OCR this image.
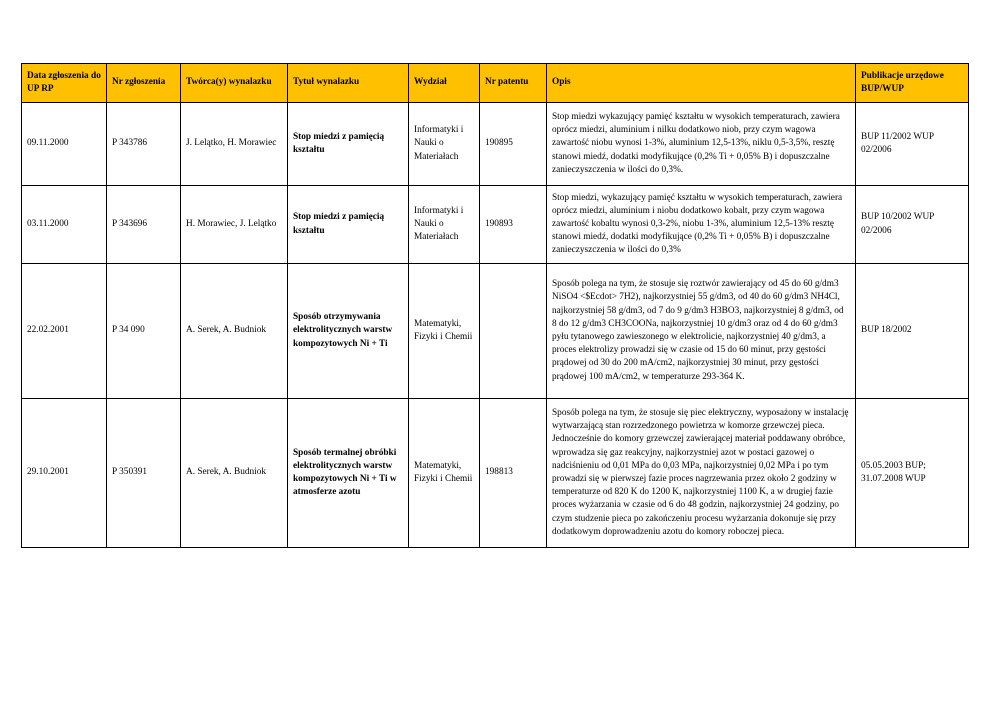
Data zgłoszenia do UP RP	Nr zgłoszenia	Twórca(y) wynalazku	Tytuł wynalazku	Wydział	Nr patentu	Opis	Publikacje urzędowe BUP/WUP
09.11.2000	P 343786	J. Lelątko, H. Morawiec	Stop miedzi z pamięcią kształtu	Informatyki i Nauki o Materiałach	190895	Stop miedzi wykazujący pamięć kształtu w wysokich temperaturach, zawiera oprócz miedzi, aluminium i nilku dodatkowo niob, przy czym wagowa zawartość niobu wynosi 1-3%, aluminium 12,5-13%, niklu 0,5-3,5%, resztę stanowi miedź, dodatki modyfikujące (0,2% Ti + 0,05% B) i dopuszczalne zanieczyszczenia w ilości do 0,3%.	BUP 11/2002 WUP 02/2006
03.11.2000	P 343696	H. Morawiec, J. Lelątko	Stop miedzi z pamięcią kształtu	Informatyki i Nauki o Materiałach	190893	Stop miedzi, wykazujący pamięć kształtu w wysokich temperaturach, zawiera oprócz miedzi, aluminium i niobu dodatkowo kobalt, przy czym wagowa zawartość kobaltu wynosi 0,3-2%, niobu 1-3%, aluminium 12,5-13% resztę stanowi miedź, dodatki modyfikujące (0,2% Ti + 0,05% B) i dopuszczalne zanieczyszczenia w ilości do 0,3%	BUP 10/2002 WUP 02/2006
22.02.2001	P 34 090	A. Serek, A. Budniok	Sposób otrzymywania elektrolitycznych warstw kompozytowych Ni + Ti	Matematyki, Fizyki i Chemii		Sposób polega na tym, że stosuje się roztwór zawierający od 45 do 60 g/dm3 NiSO4 <$Ecdot> 7H2), najkorzystniej 55 g/dm3, od 40 do 60 g/dm3 NH4Cl, najkorzystniej 58 g/dm3, od 7 do 9 g/dm3 H3BO3, najkorzystniej 8 g/dm3, od 8 do 12 g/dm3 CH3COONa, najkorzystniej 10 g/dm3 oraz od 4 do 60 g/dm3 pyłu tytanowego zawieszonego w elektrolicie, najkorzystniej 40 g/dm3, a proces elektrolizy prowadzi się w czasie od 15 do 60 minut, przy gęstości prądowej od 30 do 200 mA/cm2, najkorzystniej 30 minut, przy gęstości prądowej 100 mA/cm2, w temperaturze 293-364 K.	BUP 18/2002
29.10.2001	P 350391	A. Serek, A. Budniok	Sposób termalnej obróbki elektrolitycznych warstw kompozytowych Ni + Ti w atmosferze azotu	Matematyki, Fizyki i Chemii	198813	Sposób polega na tym, że stosuje się piec elektryczny, wyposażony w instalację wytwarzającą stan rozrzedzonego powietrza w komorze grzewczej pieca. Jednocześnie do komory grzewczej zawierającej materiał poddawany obróbce, wprowadza się gaz reakcyjny, najkorzystniej azot w postaci gazowej o nadciśnieniu od 0,01 MPa do 0,03 MPa, najkorzystniej 0,02 MPa i po tym prowadzi się w pierwszej fazie proces nagrzewania przez około 2 godziny w temperaturze od 820 K do 1200 K, najkorzystniej 1100 K, a w drugiej fazie proces wyżarzania w czasie od 6 do 48 godzin, najkorzystniej 24 godziny, po czym studzenie pieca po zakończeniu procesu wyżarzania dokonuje się przy dodatkowym doprowadzeniu azotu do komory roboczej pieca.	05.05.2003 BUP; 31.07.2008 WUP
